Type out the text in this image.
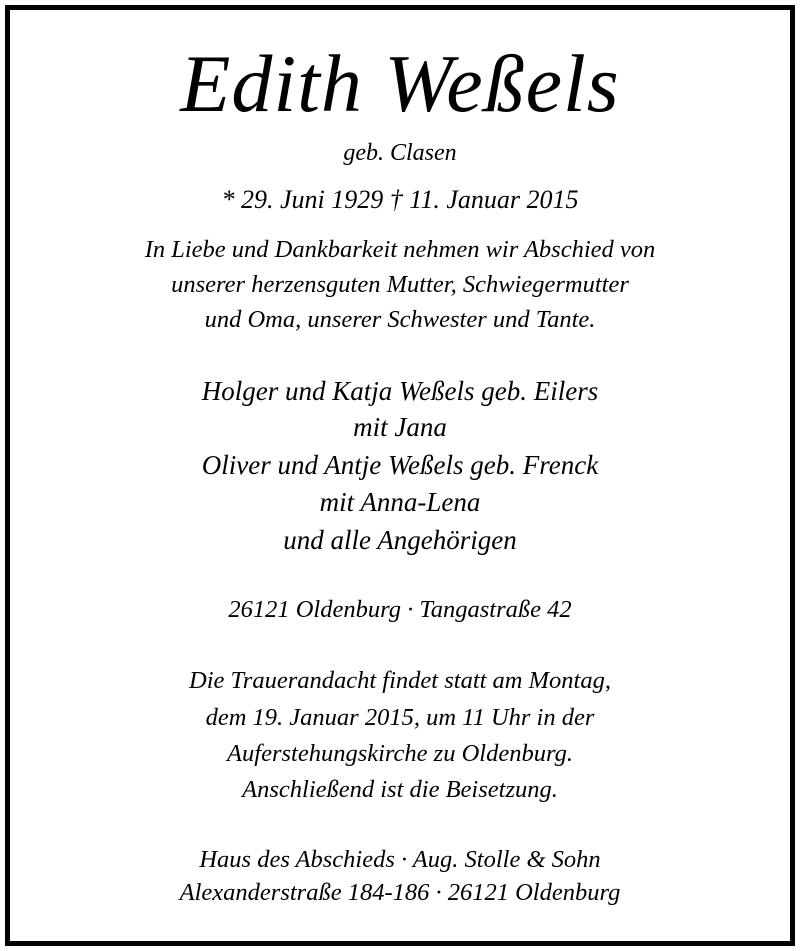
Edith Weßels
geb. Clasen
* 29. Juni 1929 † 11. Januar 2015
In Liebe und Dankbarkeit nehmen wir Abschied von
unserer herzensguten Mutter, Schwiegermutter
und Oma, unserer Schwester und Tante.
Holger und Katja Weßels geb. Eilers
mit Jana
Oliver und Antje Weßels geb. Frenck
mit Anna-Lena
und alle Angehörigen
26121 Oldenburg · Tangastraße 42
Die Trauerandacht findet statt am Montag,
dem 19. Januar 2015, um 11 Uhr in der
Auferstehungskirche zu Oldenburg.
Anschließend ist die Beisetzung.
Haus des Abschieds · Aug. Stolle & Sohn
Alexanderstraße 184-186 · 26121 Oldenburg
